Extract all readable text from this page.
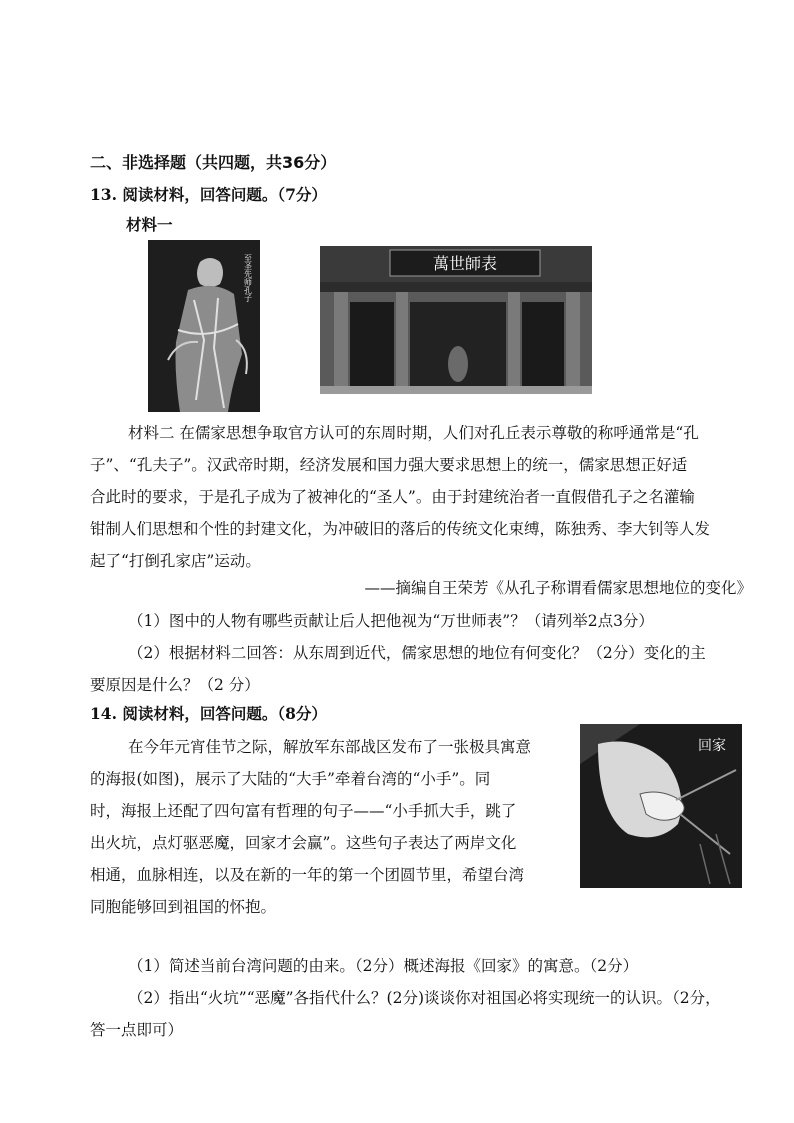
二、非选择题（共四题，共36分）
13. 阅读材料，回答问题。（7分）
材料一
至圣先师孔子	萬世師表
材料二 在儒家思想争取官方认可的东周时期，人们对孔丘表示尊敬的称呼通常是“孔
子”、“孔夫子”。汉武帝时期，经济发展和国力强大要求思想上的统一，儒家思想正好适
合此时的要求，于是孔子成为了被神化的“圣人”。由于封建统治者一直假借孔子之名灌输
钳制人们思想和个性的封建文化，为冲破旧的落后的传统文化束缚，陈独秀、李大钊等人发
起了“打倒孔家店”运动。
——摘编自王荣芳《从孔子称谓看儒家思想地位的变化》
（1）图中的人物有哪些贡献让后人把他视为“万世师表”？（请列举2点3分）
（2）根据材料二回答：从东周到近代，儒家思想的地位有何变化？（2分）变化的主
要原因是什么？（2 分）
14. 阅读材料，回答问题。（8分）
在今年元宵佳节之际，解放军东部战区发布了一张极具寓意
的海报(如图)，展示了大陆的“大手”牵着台湾的“小手”。同
时，海报上还配了四句富有哲理的句子——“小手抓大手，跳了
出火坑，点灯驱恶魔，回家才会赢”。这些句子表达了两岸文化
相通，血脉相连，以及在新的一年的第一个团圆节里，希望台湾
同胞能够回到祖国的怀抱。
回家
（1）简述当前台湾问题的由来。（2分）概述海报《回家》的寓意。（2分）
（2）指出“火坑”“恶魔”各指代什么？(2分)谈谈你对祖国必将实现统一的认识。（2分，
答一点即可）
